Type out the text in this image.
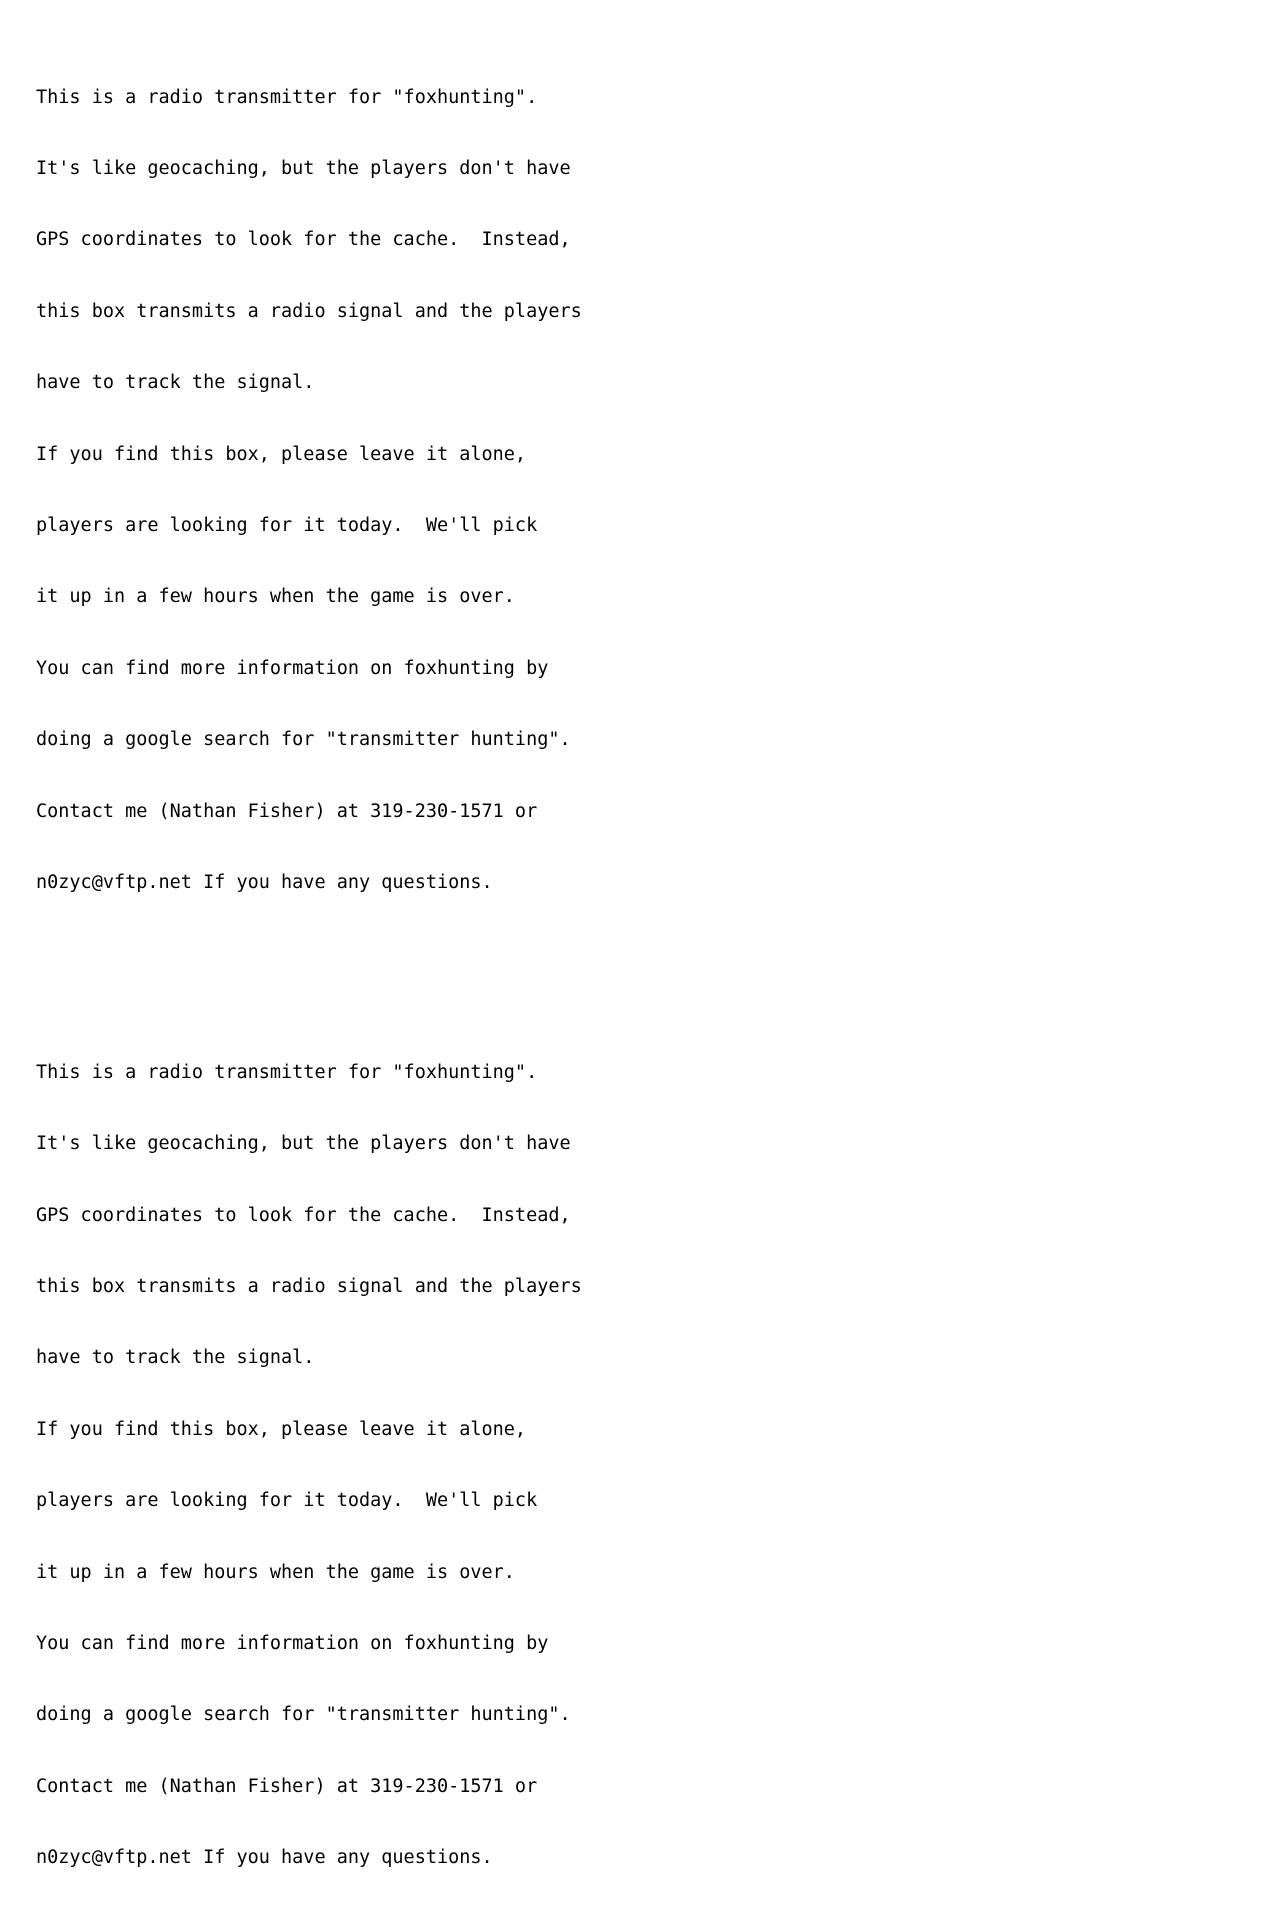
This is a radio transmitter for "foxhunting".

It's like geocaching, but the players don't have

GPS coordinates to look for the cache.  Instead,

this box transmits a radio signal and the players

have to track the signal.

If you find this box, please leave it alone,

players are looking for it today.  We'll pick

it up in a few hours when the game is over.

You can find more information on foxhunting by

doing a google search for "transmitter hunting".

Contact me (Nathan Fisher) at 319-230-1571 or

n0zyc@vftp.net If you have any questions.

This is a radio transmitter for "foxhunting".

It's like geocaching, but the players don't have

GPS coordinates to look for the cache.  Instead,

this box transmits a radio signal and the players

have to track the signal.

If you find this box, please leave it alone,

players are looking for it today.  We'll pick

it up in a few hours when the game is over.

You can find more information on foxhunting by

doing a google search for "transmitter hunting".

Contact me (Nathan Fisher) at 319-230-1571 or

n0zyc@vftp.net If you have any questions.
